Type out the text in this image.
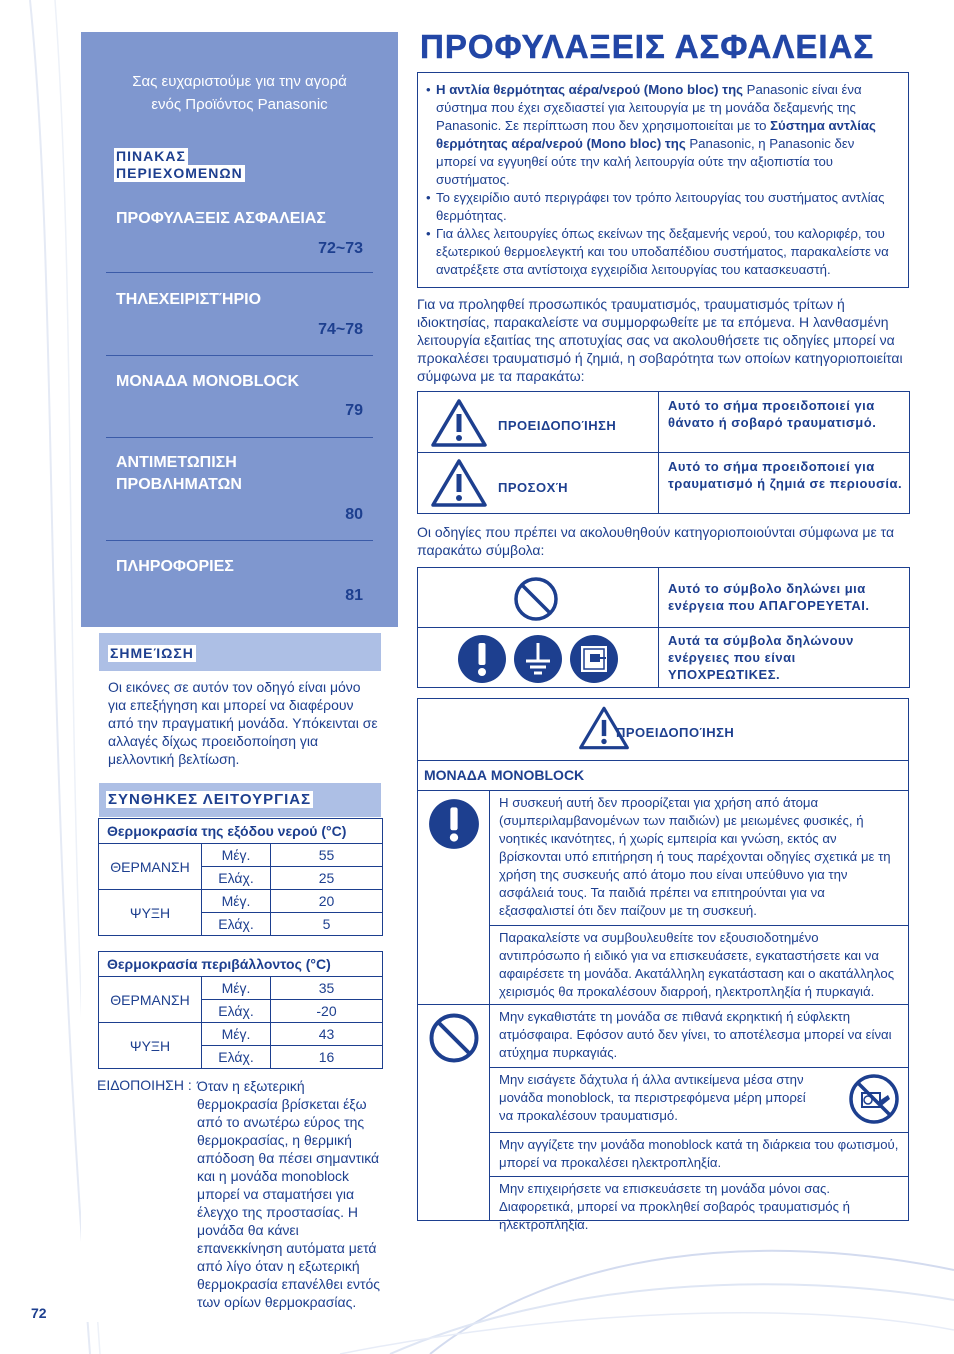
Σας ευχαριστούμε για την αγορά
ενός Προϊόντος Panasonic
ΠΙΝΑΚΑΣ
ΠΕΡΙΕΧΟΜΕΝΩΝ
ΠΡΟΦΥΛΑΞΕΙΣ ΑΣΦΑΛΕΙΑΣ
72~73
ΤΗΛΕΧΕΙΡΙΣΤΉΡΙΟ
74~78
ΜΟΝΑΔΑ MONOBLOCK
79
ΑΝΤΙΜΕΤΩΠΙΣΗ ΠΡΟΒΛΗΜΑΤΩΝ
80
ΠΛΗΡΟΦΟΡΙΕΣ
81
ΣΗΜΕΊΩΣΗ
Οι εικόνες σε αυτόν τον οδηγό είναι μόνο για επεξήγηση και μπορεί να διαφέρουν από την πραγματική μονάδα. Υπόκεινται σε αλλαγές δίχως προειδοποίηση για μελλοντική βελτίωση.
ΣΥΝΘΗΚΕΣ ΛΕΙΤΟΥΡΓΙΑΣ
Θερμοκρασία της εξόδου νερού (°C)		
ΘΕΡΜΑΝΣΗ	Μέγ.	55
	Ελάχ.	25
ΨΥΞΗ	Μέγ.	20
	Ελάχ.	5
Θερμοκρασία περιβάλλοντος (°C)		
ΘΕΡΜΑΝΣΗ	Μέγ.	35
	Ελάχ.	-20
ΨΥΞΗ	Μέγ.	43
	Ελάχ.	16
ΕΙΔΟΠΟΙΗΣΗ : Όταν η εξωτερική θερμοκρασία βρίσκεται έξω από το ανωτέρω εύρος της θερμοκρασίας, η θερμική απόδοση θα πέσει σημαντικά και η μονάδα monoblock μπορεί να σταματήσει για έλεγχο της προστασίας. Η μονάδα θα κάνει επανεκκίνηση αυτόματα μετά από λίγο όταν η εξωτερική θερμοκρασία επανέλθει εντός των ορίων θερμοκρασίας.
72
ΠΡΟΦΥΛΑΞΕΙΣ ΑΣΦΑΛΕΙΑΣ
• Η αντλία θερμότητας αέρα/νερού (Mono bloc) της Panasonic είναι ένα σύστημα που έχει σχεδιαστεί για λειτουργία με τη μονάδα δεξαμενής της Panasonic. Σε περίπτωση που δεν χρησιμοποιείται με το Σύστημα αντλίας θερμότητας αέρα/νερού (Mono bloc) της Panasonic, η Panasonic δεν μπορεί να εγγυηθεί ούτε την καλή λειτουργία ούτε την αξιοπιστία του συστήματος.
• Το εγχειρίδιο αυτό περιγράφει τον τρόπο λειτουργίας του συστήματος αντλίας θερμότητας.
• Για άλλες λειτουργίες όπως εκείνων της δεξαμενής νερού, του καλοριφέρ, του εξωτερικού θερμοελεγκτή και του υποδαπέδιου συστήματος, παρακαλείστε να ανατρέξετε στα αντίστοιχα εγχειρίδια λειτουργίας του κατασκευαστή.
Για να προληφθεί προσωπικός τραυματισμός, τραυματισμός τρίτων ή ιδιοκτησίας, παρακαλείστε να συμμορφωθείτε με τα επόμενα. Η λανθασμένη λειτουργία εξαιτίας της αποτυχίας σας να ακολουθήσετε τις οδηγίες μπορεί να προκαλέσει τραυματισμό ή ζημιά, η σοβαρότητα των οποίων κατηγοριοποιείται σύμφωνα με τα παρακάτω:
ΠΡΟΕΙΔΟΠΟΊΗΣΗ
Αυτό το σήμα προειδοποιεί για θάνατο ή σοβαρό τραυματισμό.
ΠΡΟΣΟΧΉ
Αυτό το σήμα προειδοποιεί για τραυματισμό ή ζημιά σε περιουσία.
Οι οδηγίες που πρέπει να ακολουθηθούν κατηγοριοποιούνται σύμφωνα με τα παρακάτω σύμβολα:
Αυτό το σύμβολο δηλώνει μια ενέργεια που ΑΠΑΓΟΡΕΥΕΤΑΙ.
Αυτά τα σύμβολα δηλώνουν ενέργειες που είναι ΥΠΟΧΡΕΩΤΙΚΕΣ.
ΠΡΟΕΙΔΟΠΟΊΗΣΗ
ΜΟΝΑΔΑ MONOBLOCK
Η συσκευή αυτή δεν προορίζεται για χρήση από άτομα (συμπεριλαμβανομένων των παιδιών) με μειωμένες φυσικές, ή νοητικές ικανότητες, ή χωρίς εμπειρία και γνώση, εκτός αν βρίσκονται υπό επιτήρηση ή τους παρέχονται οδηγίες σχετικά με τη χρήση της συσκευής από άτομο που είναι υπεύθυνο για την ασφάλειά τους. Τα παιδιά πρέπει να επιτηρούνται για να εξασφαλιστεί ότι δεν παίζουν με τη συσκευή.
Παρακαλείστε να συμβουλευθείτε τον εξουσιοδοτημένο αντιπρόσωπο ή ειδικό για να επισκευάσετε, εγκαταστήσετε και να αφαιρέσετε τη μονάδα. Ακατάλληλη εγκατάσταση και ο ακατάλληλος χειρισμός θα προκαλέσουν διαρροή, ηλεκτροπληξία ή πυρκαγιά.
Μην εγκαθιστάτε τη μονάδα σε πιθανά εκρηκτική ή εύφλεκτη ατμόσφαιρα. Εφόσον αυτό δεν γίνει, το αποτέλεσμα μπορεί να είναι ατύχημα πυρκαγιάς.
Μην εισάγετε δάχτυλα ή άλλα αντικείμενα μέσα στην μονάδα monoblock, τα περιστρεφόμενα μέρη μπορεί να προκαλέσουν τραυματισμό.
Μην αγγίζετε την μονάδα monoblock κατά τη διάρκεια του φωτισμού, μπορεί να προκαλέσει ηλεκτροπληξία.
Μην επιχειρήσετε να επισκευάσετε τη μονάδα μόνοι σας. Διαφορετικά, μπορεί να προκληθεί σοβαρός τραυματισμός ή ηλεκτροπληξία.
